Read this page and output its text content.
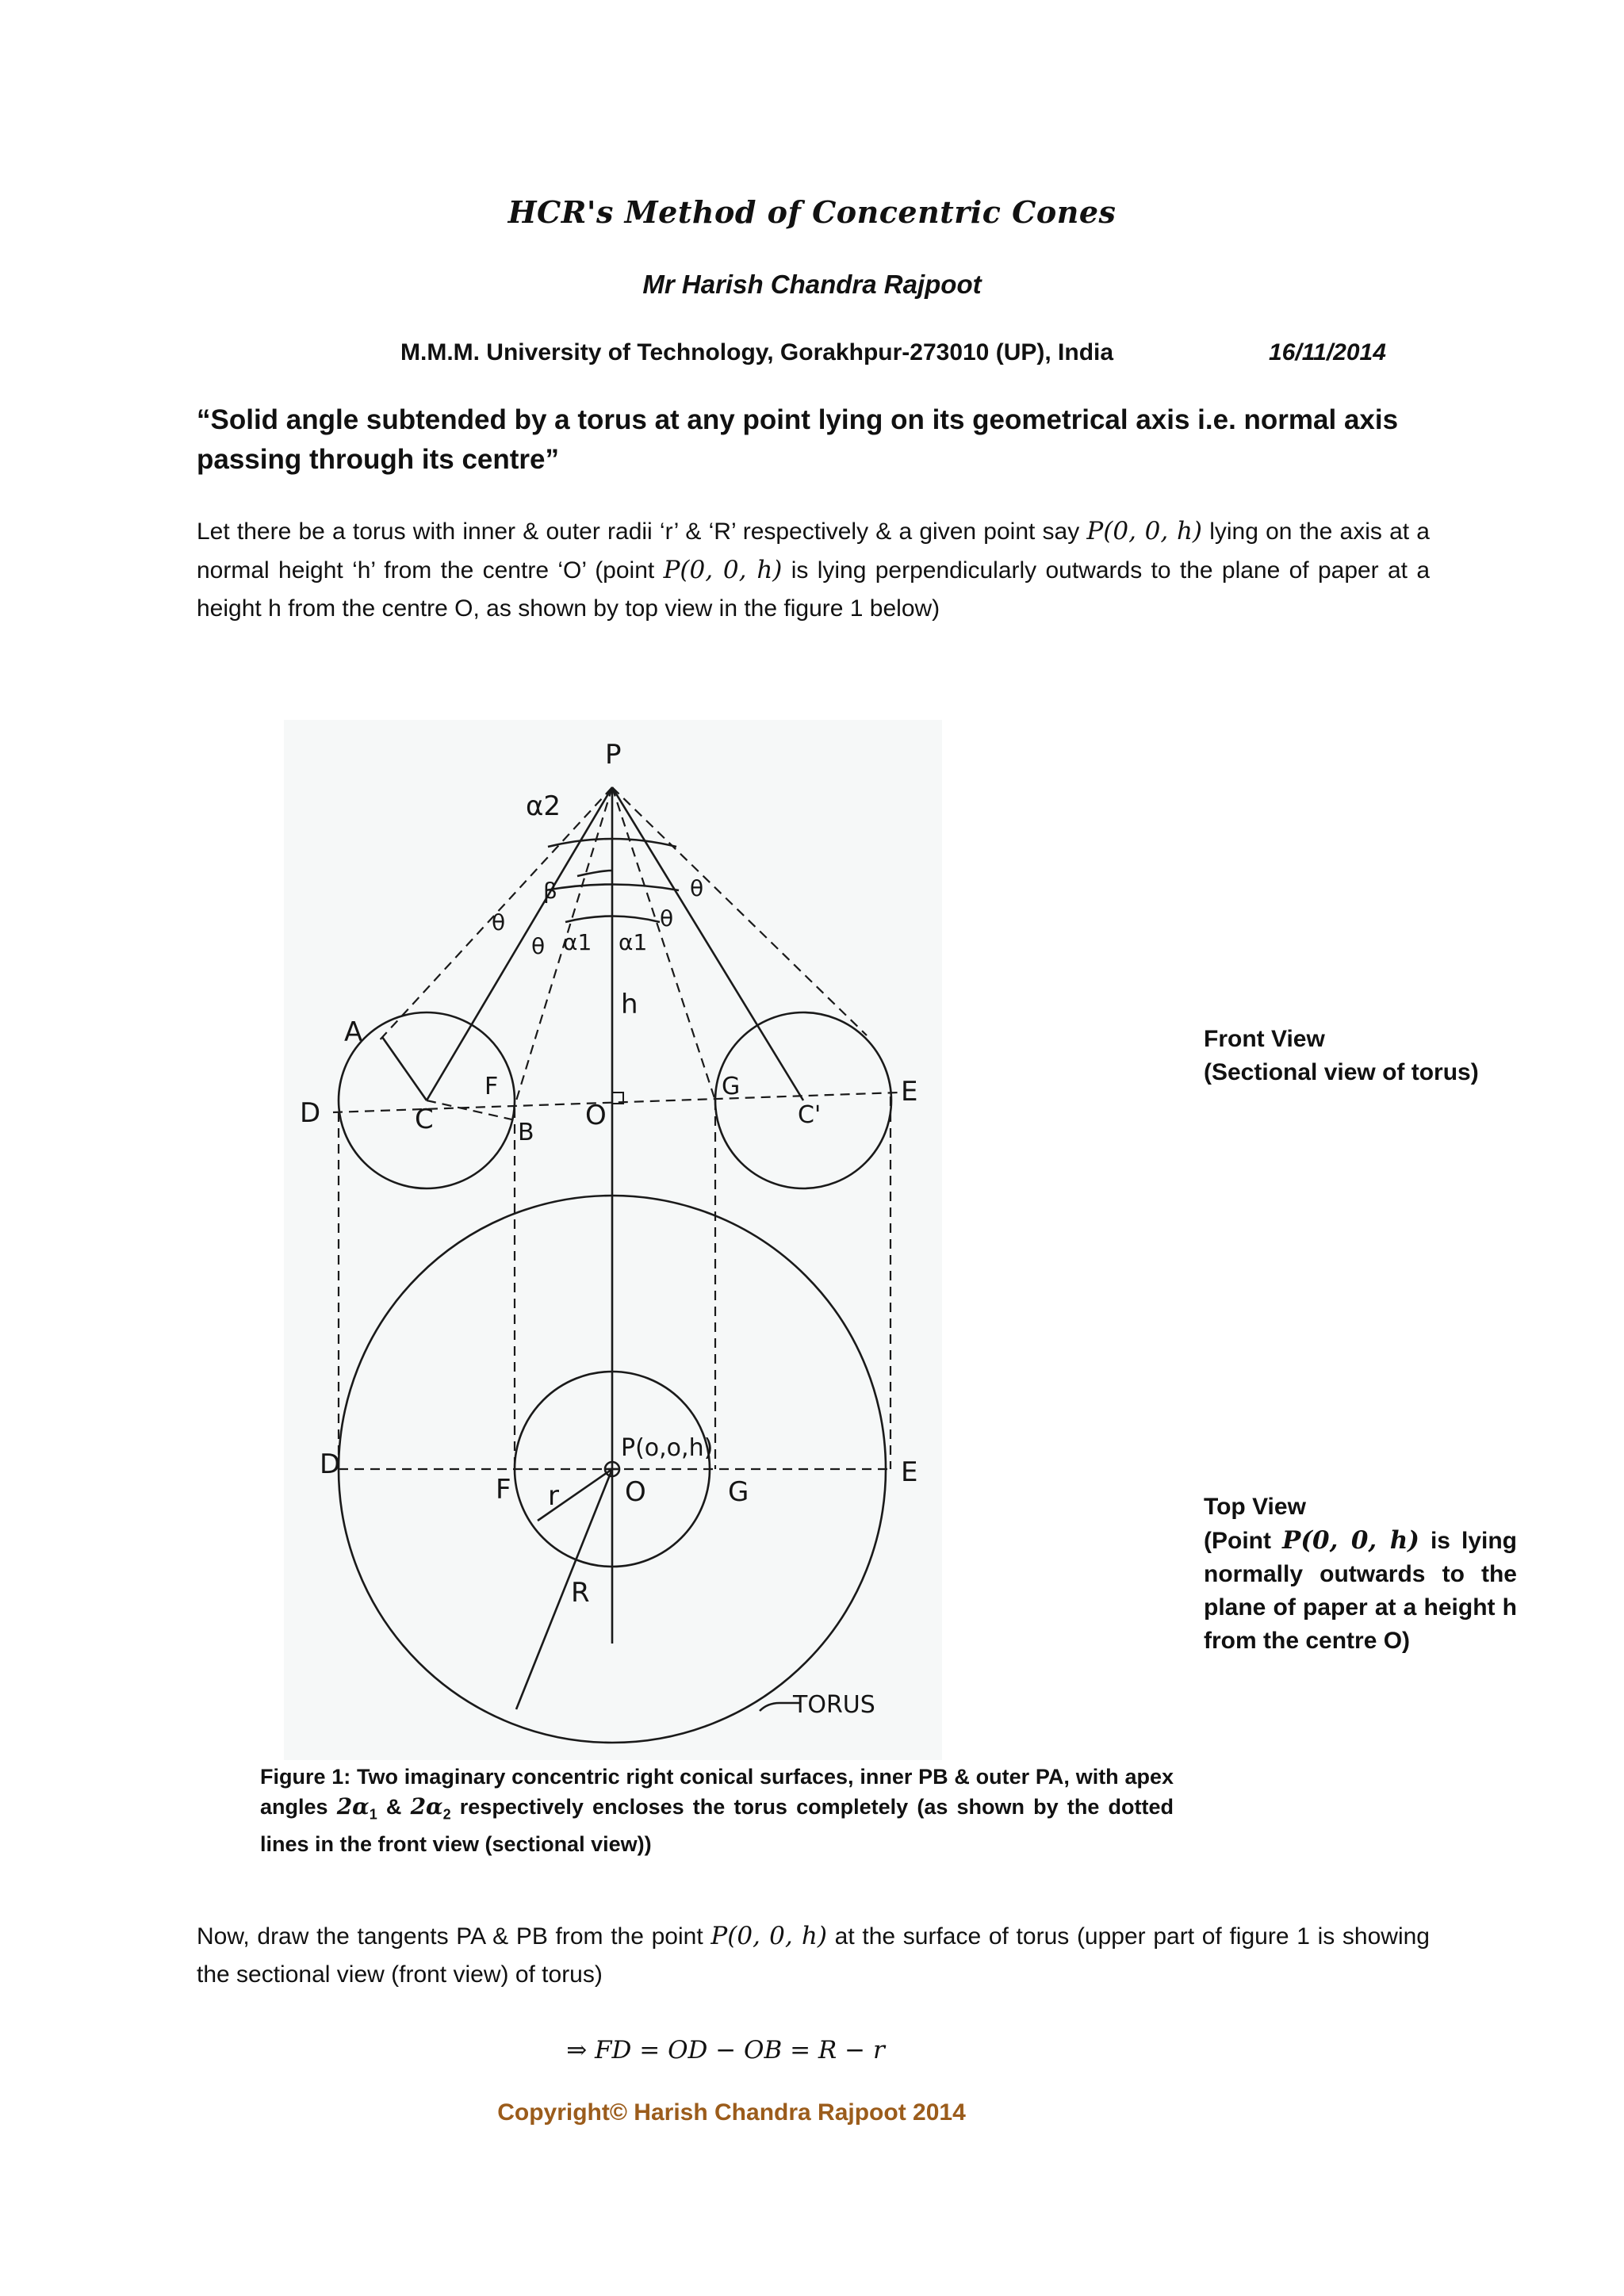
HCR's Method of Concentric Cones
Mr Harish Chandra Rajpoot
M.M.M. University of Technology, Gorakhpur-273010 (UP), India	16/11/2014
“Solid angle subtended by a torus at any point lying on its geometrical axis i.e. normal axis passing through its centre”
Let there be a torus with inner & outer radii ‘r’ & ‘R’ respectively & a given point say P(0, 0, h) lying on the axis at a normal height ‘h’ from the centre ‘O’ (point P(0, 0, h) is lying perpendicularly outwards to the plane of paper at a height h from the centre O, as shown by top view in the figure 1 below)
P
α2
β
θ
θ
θ
θ
α1 α1
h
A
D	C
F
B
O
G
C'
E
D
F
P(o,o,h)
O
r	G
E
R
TORUS
Front View
(Sectional view of torus)
Top View
(Point P(0, 0, h) is lying normally outwards to the plane of paper at a height h from the centre O)
Figure 1: Two imaginary concentric right conical surfaces, inner PB & outer PA, with apex angles $2\alpha_1$ & $2\alpha_2$ respectively encloses the torus completely (as shown by the dotted lines in the front view (sectional view))
Now, draw the tangents PA & PB from the point P(0, 0, h) at the surface of torus (upper part of figure 1 is showing the sectional view (front view) of torus)
⇒ FD = OD − OB = R − r
Copyright© Harish Chandra Rajpoot 2014
